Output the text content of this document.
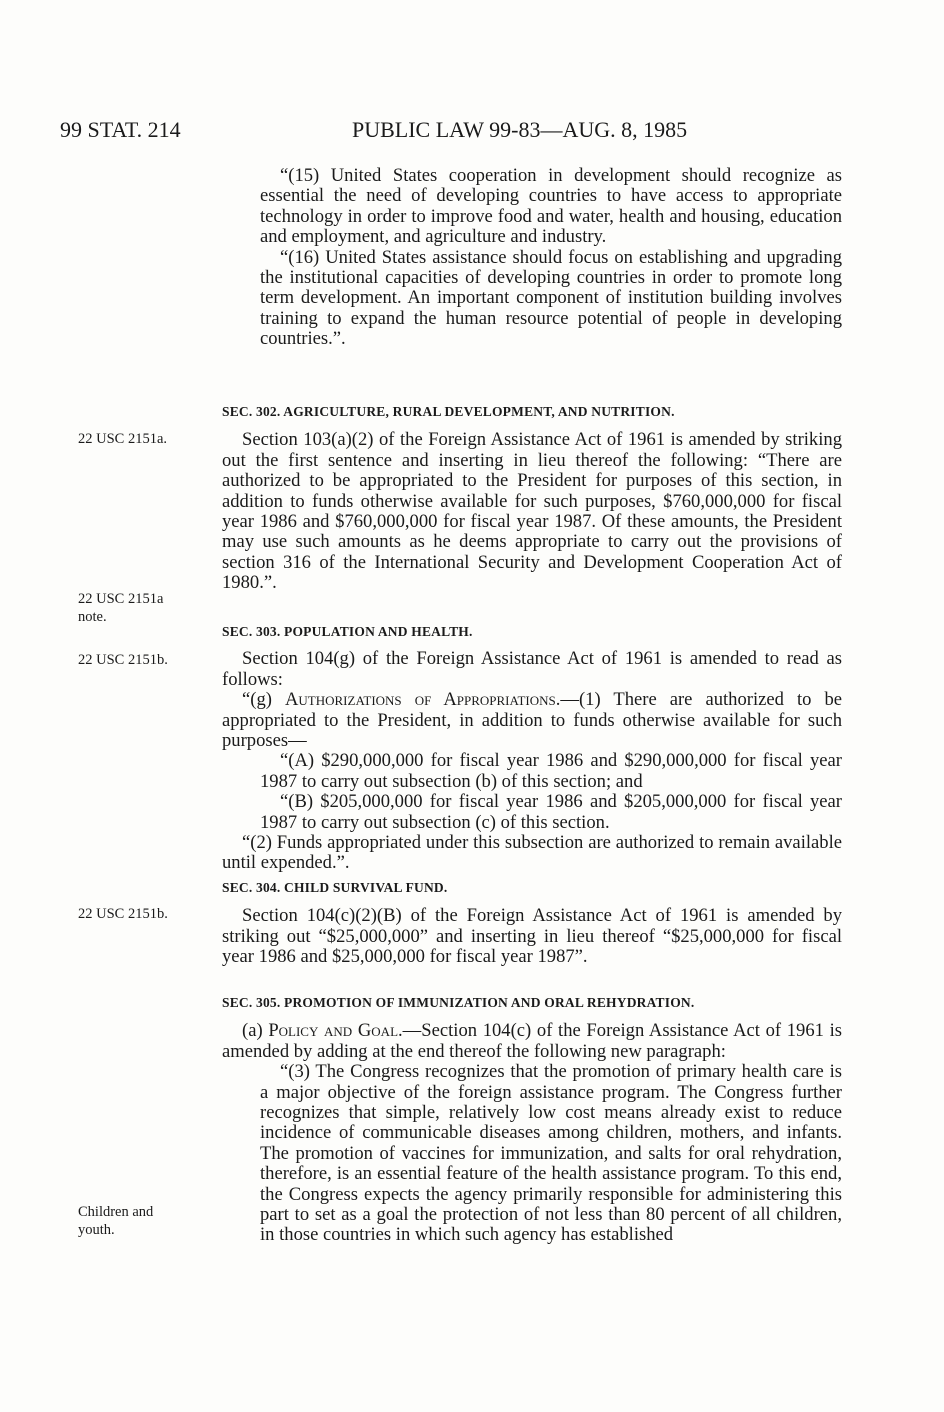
99 STAT. 214	PUBLIC LAW 99-83—AUG. 8, 1985
22 USC 2151a.
22 USC 2151a
note.
22 USC 2151b.
22 USC 2151b.
Children and
youth.

“(15) United States cooperation in development should recognize as essential the need of developing countries to have access to appropriate technology in order to improve food and water, health and housing, education and employment, and agriculture and industry.

“(16) United States assistance should focus on establishing and upgrading the institutional capacities of developing countries in order to promote long term development. An important component of institution building involves training to expand the human resource potential of people in developing countries.”.

SEC. 302. AGRICULTURE, RURAL DEVELOPMENT, AND NUTRITION.

Section 103(a)(2) of the Foreign Assistance Act of 1961 is amended by striking out the first sentence and inserting in lieu thereof the following: “There are authorized to be appropriated to the President for purposes of this section, in addition to funds otherwise available for such purposes, $760,000,000 for fiscal year 1986 and $760,000,000 for fiscal year 1987. Of these amounts, the President may use such amounts as he deems appropriate to carry out the provisions of section 316 of the International Security and Development Cooperation Act of 1980.”.

SEC. 303. POPULATION AND HEALTH.

Section 104(g) of the Foreign Assistance Act of 1961 is amended to read as follows:

“(g) Authorizations of Appropriations.—(1) There are authorized to be appropriated to the President, in addition to funds otherwise available for such purposes—

“(A) $290,000,000 for fiscal year 1986 and $290,000,000 for fiscal year 1987 to carry out subsection (b) of this section; and

“(B) $205,000,000 for fiscal year 1986 and $205,000,000 for fiscal year 1987 to carry out subsection (c) of this section.

“(2) Funds appropriated under this subsection are authorized to remain available until expended.”.

SEC. 304. CHILD SURVIVAL FUND.

Section 104(c)(2)(B) of the Foreign Assistance Act of 1961 is amended by striking out “$25,000,000” and inserting in lieu thereof “$25,000,000 for fiscal year 1986 and $25,000,000 for fiscal year 1987”.

SEC. 305. PROMOTION OF IMMUNIZATION AND ORAL REHYDRATION.

(a) Policy and Goal.—Section 104(c) of the Foreign Assistance Act of 1961 is amended by adding at the end thereof the following new paragraph:

“(3) The Congress recognizes that the promotion of primary health care is a major objective of the foreign assistance program. The Congress further recognizes that simple, relatively low cost means already exist to reduce incidence of communicable diseases among children, mothers, and infants. The promotion of vaccines for immunization, and salts for oral rehydration, therefore, is an essential feature of the health assistance program. To this end, the Congress expects the agency primarily responsible for administering this part to set as a goal the protection of not less than 80 percent of all children, in those countries in which such agency has established
